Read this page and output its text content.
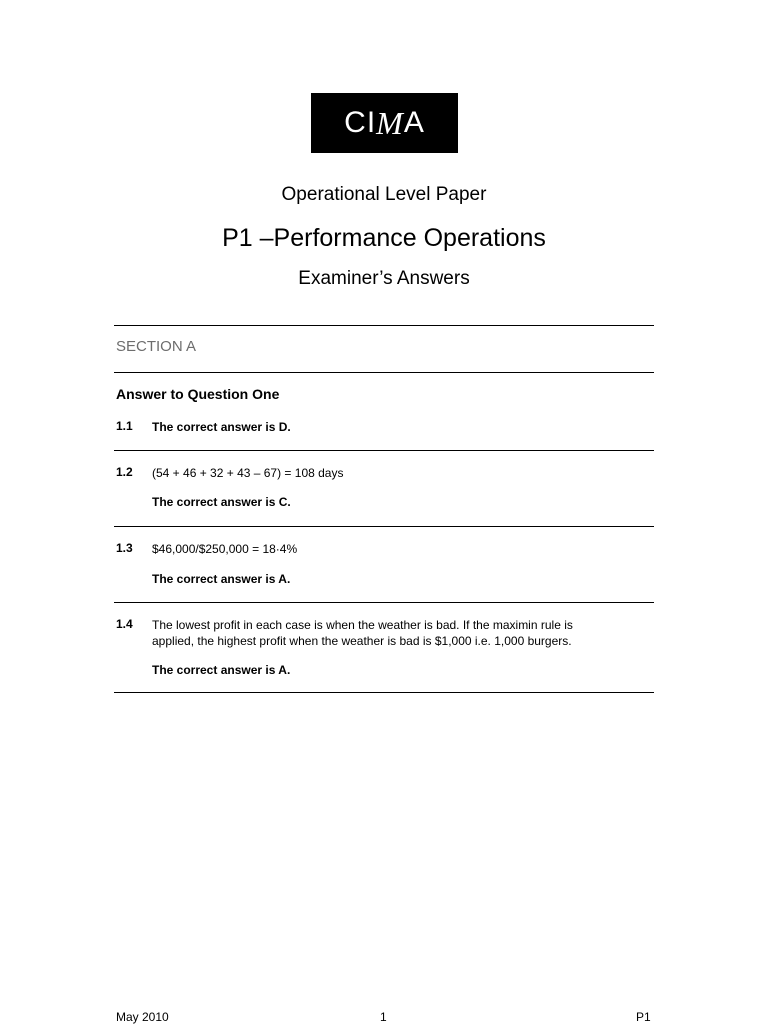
CI M A
Operational Level Paper
P1 –Performance Operations
Examiner’s Answers
SECTION A
Answer to Question One
1.1 The correct answer is D.
1.2 (54 + 46 + 32 + 43 – 67) = 108 days
The correct answer is C.
1.3 $46,000/$250,000 = 18·4%
The correct answer is A.
1.4 The lowest profit in each case is when the weather is bad. If the maximin rule is applied, the highest profit when the weather is bad is $1,000 i.e. 1,000 burgers.
The correct answer is A.
May 2010	1	P1
